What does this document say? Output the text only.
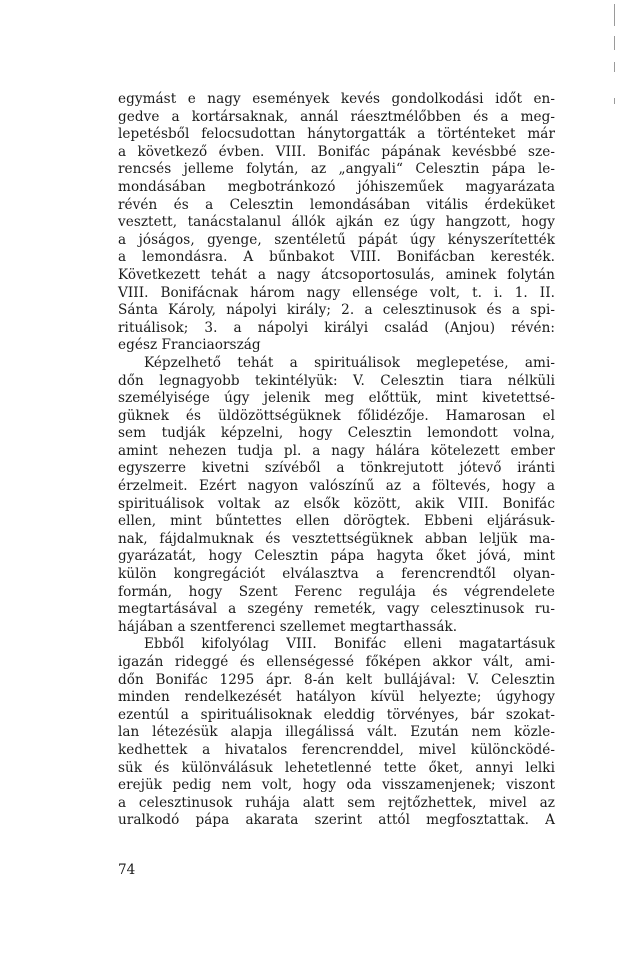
egymást e nagy események kevés gondolkodási időt en-
gedve a kortársaknak, annál ráesztmélőbben és a meg-
lepetésből felocsudottan hánytorgatták a történteket már
a következő évben. VIII. Bonifác pápának kevésbbé sze-
rencsés jelleme folytán, az „angyali“ Celesztin pápa le-
mondásában megbotránkozó jóhiszeműek magyarázata
révén és a Celesztin lemondásában vitális érdeküket
vesztett, tanácstalanul állók ajkán ez úgy hangzott, hogy
a jóságos, gyenge, szentéletű pápát úgy kényszerítették
a lemondásra. A bűnbakot VIII. Bonifácban keresték.
Következett tehát a nagy átcsoportosulás, aminek folytán
VIII. Bonifácnak három nagy ellensége volt, t. i. 1. II.
Sánta Károly, nápolyi király; 2. a celesztinusok és a spi-
rituálisok; 3. a nápolyi királyi család (Anjou) révén:
egész Franciaország
Képzelhető tehát a spirituálisok meglepetése, ami-
dőn legnagyobb tekintélyük: V. Celesztin tiara nélküli
személyisége úgy jelenik meg előttük, mint kivetettsé-
güknek és üldözöttségüknek főlidézője. Hamarosan el
sem tudják képzelni, hogy Celesztin lemondott volna,
amint nehezen tudja pl. a nagy hálára kötelezett ember
egyszerre kivetni szívéből a tönkrejutott jótevő iránti
érzelmeit. Ezért nagyon valószínű az a föltevés, hogy a
spirituálisok voltak az elsők között, akik VIII. Bonifác
ellen, mint bűntettes ellen dörögtek. Ebbeni eljárásuk-
nak, fájdalmuknak és vesztettségüknek abban leljük ma-
gyarázatát, hogy Celesztin pápa hagyta őket jóvá, mint
külön kongregációt elválasztva a ferencrendtől olyan-
formán, hogy Szent Ferenc regulája és végrendelete
megtartásával a szegény remeték, vagy celesztinusok ru-
hájában a szentferenci szellemet megtarthassák.
Ebből kifolyólag VIII. Bonifác elleni magatartásuk
igazán rideggé és ellenségessé főképen akkor vált, ami-
dőn Bonifác 1295 ápr. 8-án kelt bullájával: V. Celesztin
minden rendelkezését hatályon kívül helyezte; úgyhogy
ezentúl a spirituálisoknak eleddig törvényes, bár szokat-
lan létezésük alapja illegálissá vált. Ezután nem közle-
kedhettek a hivatalos ferencrenddel, mivel különcködé-
sük és különválásuk lehetetlenné tette őket, annyi lelki
erejük pedig nem volt, hogy oda visszamenjenek; viszont
a celesztinusok ruhája alatt sem rejtőzhettek, mivel az
uralkodó pápa akarata szerint attól megfosztattak. A
74
